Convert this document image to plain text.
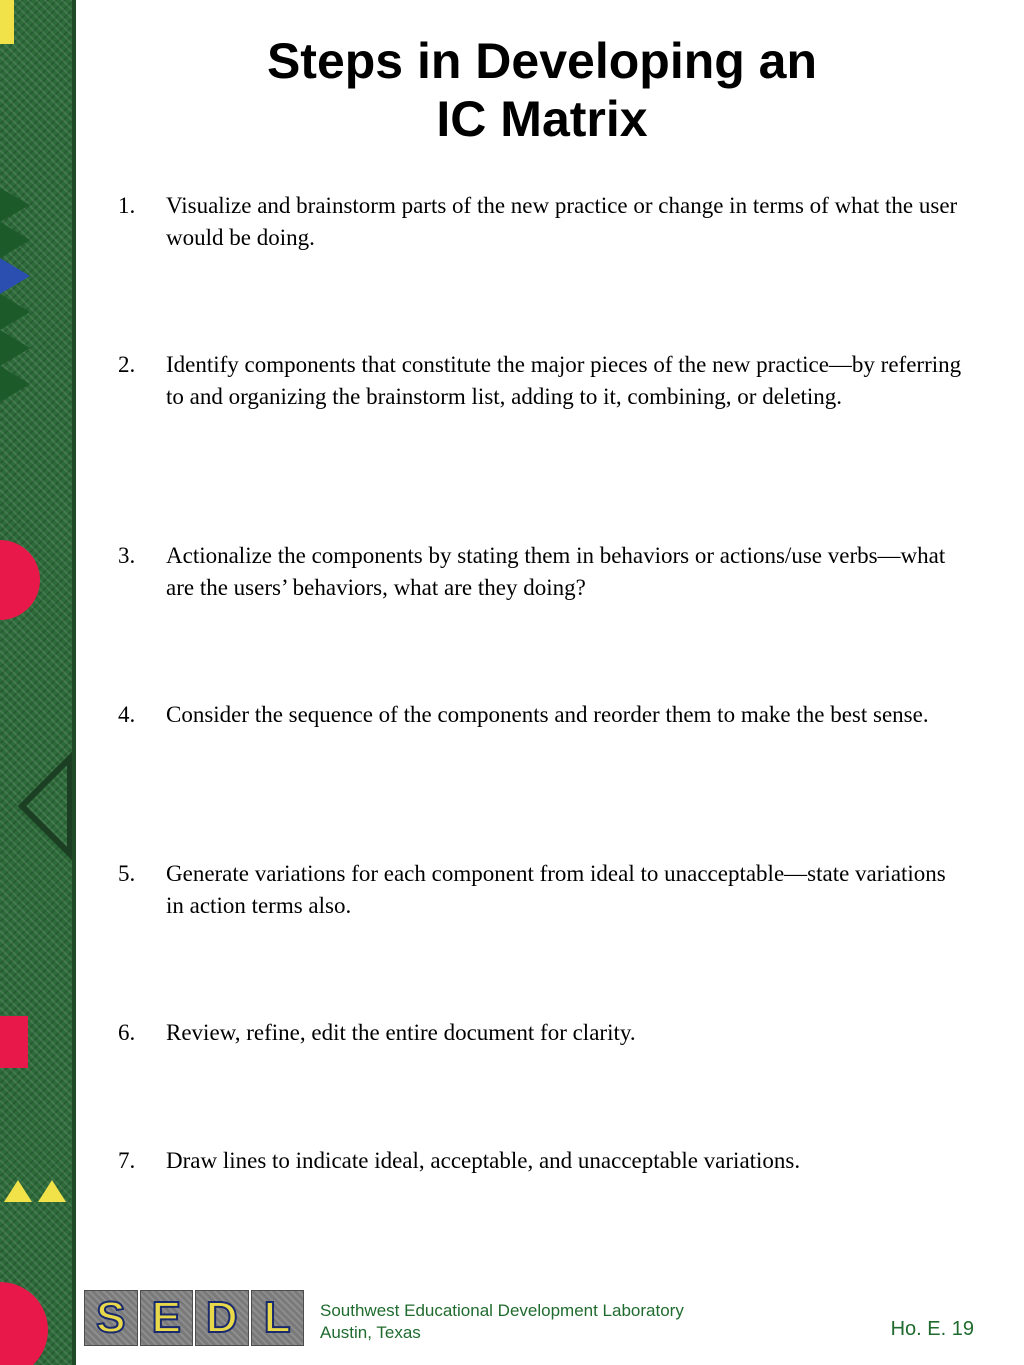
Steps in Developing an
IC Matrix
1.	Visualize and brainstorm parts of the new practice or change in terms of what the user would be doing.
2.	Identify components that constitute the major pieces of the new practice—by referring to and organizing the brainstorm list, adding to it, combining, or deleting.
3.	Actionalize the components by stating them in behaviors or actions/use verbs—what are the users’ behaviors, what are they doing?
4.	Consider the sequence of the components and reorder them to make the best sense.
5.	Generate variations for each component from ideal to unacceptable—state variations in action terms also.
6.	Review, refine, edit the entire document for clarity.
7.	Draw lines to indicate ideal, acceptable, and unacceptable variations.
S E D L Southwest Educational Development Laboratory
Austin, Texas	Ho. E. 19
